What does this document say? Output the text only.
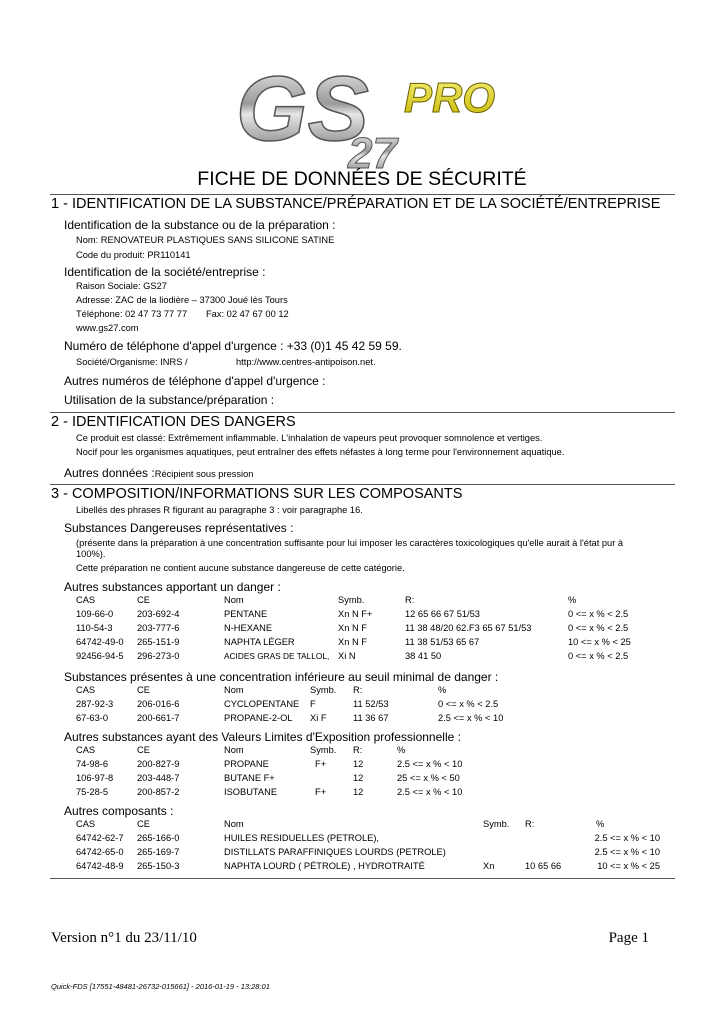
GS
27
PRO
FICHE DE DONNÉES DE SÉCURITÉ
1 - IDENTIFICATION DE LA SUBSTANCE/PRÉPARATION ET DE LA SOCIÉTÉ/ENTREPRISE
Identification de la substance ou de la préparation :
Nom: RENOVATEUR PLASTIQUES SANS SILICONE SATINE
Code du produit: PR110141
Identification de la société/entreprise :
Raison Sociale: GS27
Adresse: ZAC de la liodière – 37300 Joué lès Tours
Téléphone: 02 47 73 77 77 Fax: 02 47 67 00 12
www.gs27.com
Numéro de téléphone d'appel d'urgence : +33 (0)1 45 42 59 59.
Société/Organisme: INRS /	http://www.centres-antipoison.net.
Autres numéros de téléphone d'appel d'urgence :
Utilisation de la substance/préparation :
2 - IDENTIFICATION DES DANGERS
Ce produit est classé: Extrêmement inflammable. L'inhalation de vapeurs peut provoquer somnolence et vertiges.
Nocif pour les organismes aquatiques, peut entraîner des effets néfastes à long terme pour l'environnement aquatique.
Autres données :Récipient sous pression
3 - COMPOSITION/INFORMATIONS SUR LES COMPOSANTS
Libellés des phrases R figurant au paragraphe 3 : voir paragraphe 16.
Substances Dangereuses représentatives :
(présente dans la préparation à une concentration suffisante pour lui imposer les caractères toxicologiques qu'elle aurait à l'état pur à
100%).
Cette préparation ne contient aucune substance dangereuse de cette catégorie.
Autres substances apportant un danger :
CAS	CE	Nom	Symb.	R:	%
109-66-0	203-692-4	PENTANE	Xn N F+	12 65 66 67 51/53	0 <= x % < 2.5
110-54-3	203-777-6	N-HEXANE	Xn N F	11 38 48/20 62.F3 65 67 51/53	0 <= x % < 2.5
64742-49-0 265-151-9	NAPHTA LÉGER	Xn N F	11 38 51/53 65 67	10 <= x % < 25
92456-94-5 296-273-0	ACIDES GRAS DE TALLOL, Xi N	38 41 50	0 <= x % < 2.5
Substances présentes à une concentration inférieure au seuil minimal de danger :
CAS	CE	Nom	Symb. R:	%
287-92-3	206-016-6	CYCLOPENTANE F	11 52/53	0 <= x % < 2.5
67-63-0	200-661-7	PROPANE-2-OL Xi F	11 36 67	2.5 <= x % < 10
Autres substances ayant des Valeurs Limites d'Exposition professionnelle :
CAS	CE	Nom	Symb. R:	%
74-98-6	200-827-9	PROPANE	F+	12	2.5 <= x % < 10
106-97-8	203-448-7	BUTANE F+	12	25 <= x % < 50
75-28-5	200-857-2	ISOBUTANE	F+	12	2.5 <= x % < 10
Autres composants :
CAS	CE	Nom	Symb. R:	%
64742-62-7 265-166-0	HUILES RESIDUELLES (PETROLE),	2.5 <= x % < 10
64742-65-0 265-169-7	DISTILLATS PARAFFINIQUES LOURDS (PETROLE)	2.5 <= x % < 10
64742-48-9 265-150-3	NAPHTA LOURD ( PÉTROLE) , HYDROTRAITÉ	Xn	10 65 66	10 <= x % < 25
Version n°1 du 23/11/10	Page 1
Quick-FDS [17551-48481-26732-015661] - 2016-01-19 - 13:28:01
